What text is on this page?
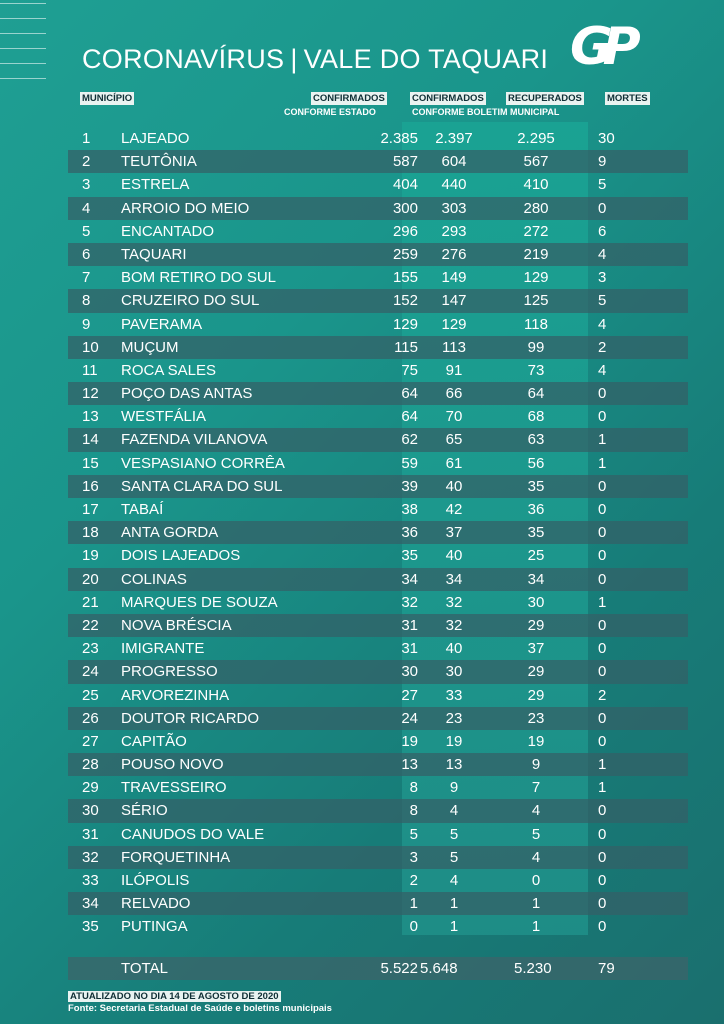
GP
CORONAVÍRUS | VALE DO TAQUARI
MUNICÍPIO	CONFIRMADOS
CONFORME ESTADO
CONFIRMADOS	RECUPERADOS
CONFORME BOLETIM MUNICIPAL
MORTES
1 LAJEADO	2.385 2.397	2.295	30
2 TEUTÔNIA	587	604	567	9
3 ESTRELA	404	440	410	5
4 ARROIO DO MEIO	300	303	280	0
5 ENCANTADO	296	293	272	6
6 TAQUARI	259	276	219	4
7 BOM RETIRO DO SUL	155	149	129	3
8 CRUZEIRO DO SUL	152	147	125	5
9 PAVERAMA	129	129	118	4
10 MUÇUM	115	113	99	2
11 ROCA SALES	75	91	73	4
12 POÇO DAS ANTAS	64	66	64	0
13 WESTFÁLIA	64	70	68	0
14 FAZENDA VILANOVA	62	65	63	1
15 VESPASIANO CORRÊA	59	61	56	1
16 SANTA CLARA DO SUL	39	40	35	0
17 TABAÍ	38	42	36	0
18 ANTA GORDA	36	37	35	0
19 DOIS LAJEADOS	35	40	25	0
20 COLINAS	34	34	34	0
21 MARQUES DE SOUZA	32	32	30	1
22 NOVA BRÉSCIA	31	32	29	0
23 IMIGRANTE	31	40	37	0
24 PROGRESSO	30	30	29	0
25 ARVOREZINHA	27	33	29	2
26 DOUTOR RICARDO	24	23	23	0
27 CAPITÃO	19	19	19	0
28 POUSO NOVO	13	13	9	1
29 TRAVESSEIRO	8	9	7	1
30 SÉRIO	8	4	4	0
31 CANUDOS DO VALE	5	5	5	0
32 FORQUETINHA	3	5	4	0
33 ILÓPOLIS	2	4	0	0
34 RELVADO	1	1	1	0
35 PUTINGA	0	1	1	0
TOTAL	5.522 5.648	5.230	79
ATUALIZADO NO DIA 14 DE AGOSTO DE 2020
Fonte: Secretaria Estadual de Saúde e boletins municipais
